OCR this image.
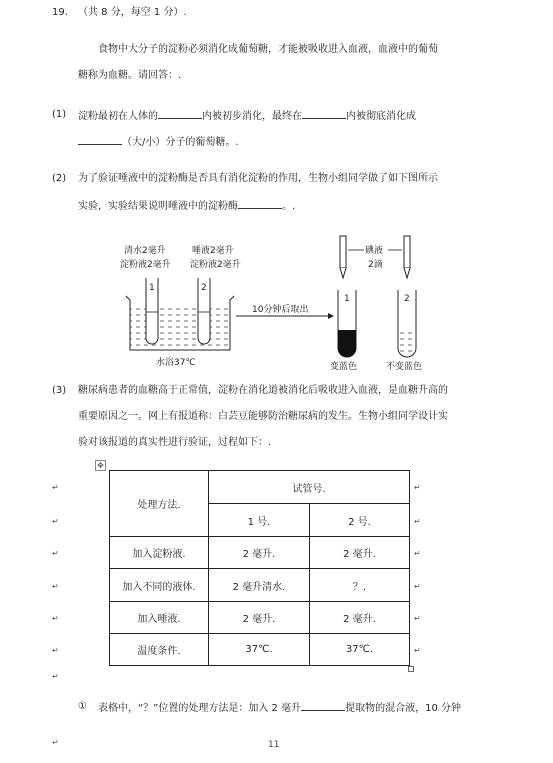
19. （共 8 分，每空 1 分）.
食物中大分子的淀粉必须消化成葡萄糖，才能被吸收进入血液，血液中的葡萄
糖称为血糖。请回答：.
(1) 淀粉最初在人体的	内被初步消化，最终在	内被彻底消化成
（大/小）分子的葡萄糖。.
(2) 为了验证唾液中的淀粉酶是否具有消化淀粉的作用，生物小组同学做了如下图所示
实验，实验结果说明唾液中的淀粉酶	。.
清水2毫升
淀粉液2毫升
唾液2毫升
淀粉液2毫升
1	2
水浴37℃
10分钟后取出
碘液
2滴
1	2
变蓝色	不变蓝色
(3) 糖尿病患者的血糖高于正常值，淀粉在消化道被消化后吸收进入血液，是血糖升高的
重要原因之一。网上有报道称：白芸豆能够防治糖尿病的发生。生物小组同学设计实
验对该报道的真实性进行验证，过程如下：.
✥
处理方法.	试管号.	
	1 号.	2 号.
加入淀粉液.	2 毫升.	2 毫升.
加入不同的液体.	2 毫升清水.	？.
加入唾液.	2 毫升.	2 毫升.
温度条件.	37℃.	37℃.
↵
↵
↵
↵
↵
↵
↵
↵
↵
↵
↵
↵
↵
① 表格中，“？”位置的处理方法是：加入 2 毫升	提取物的混合液，10 分钟
↵	11
